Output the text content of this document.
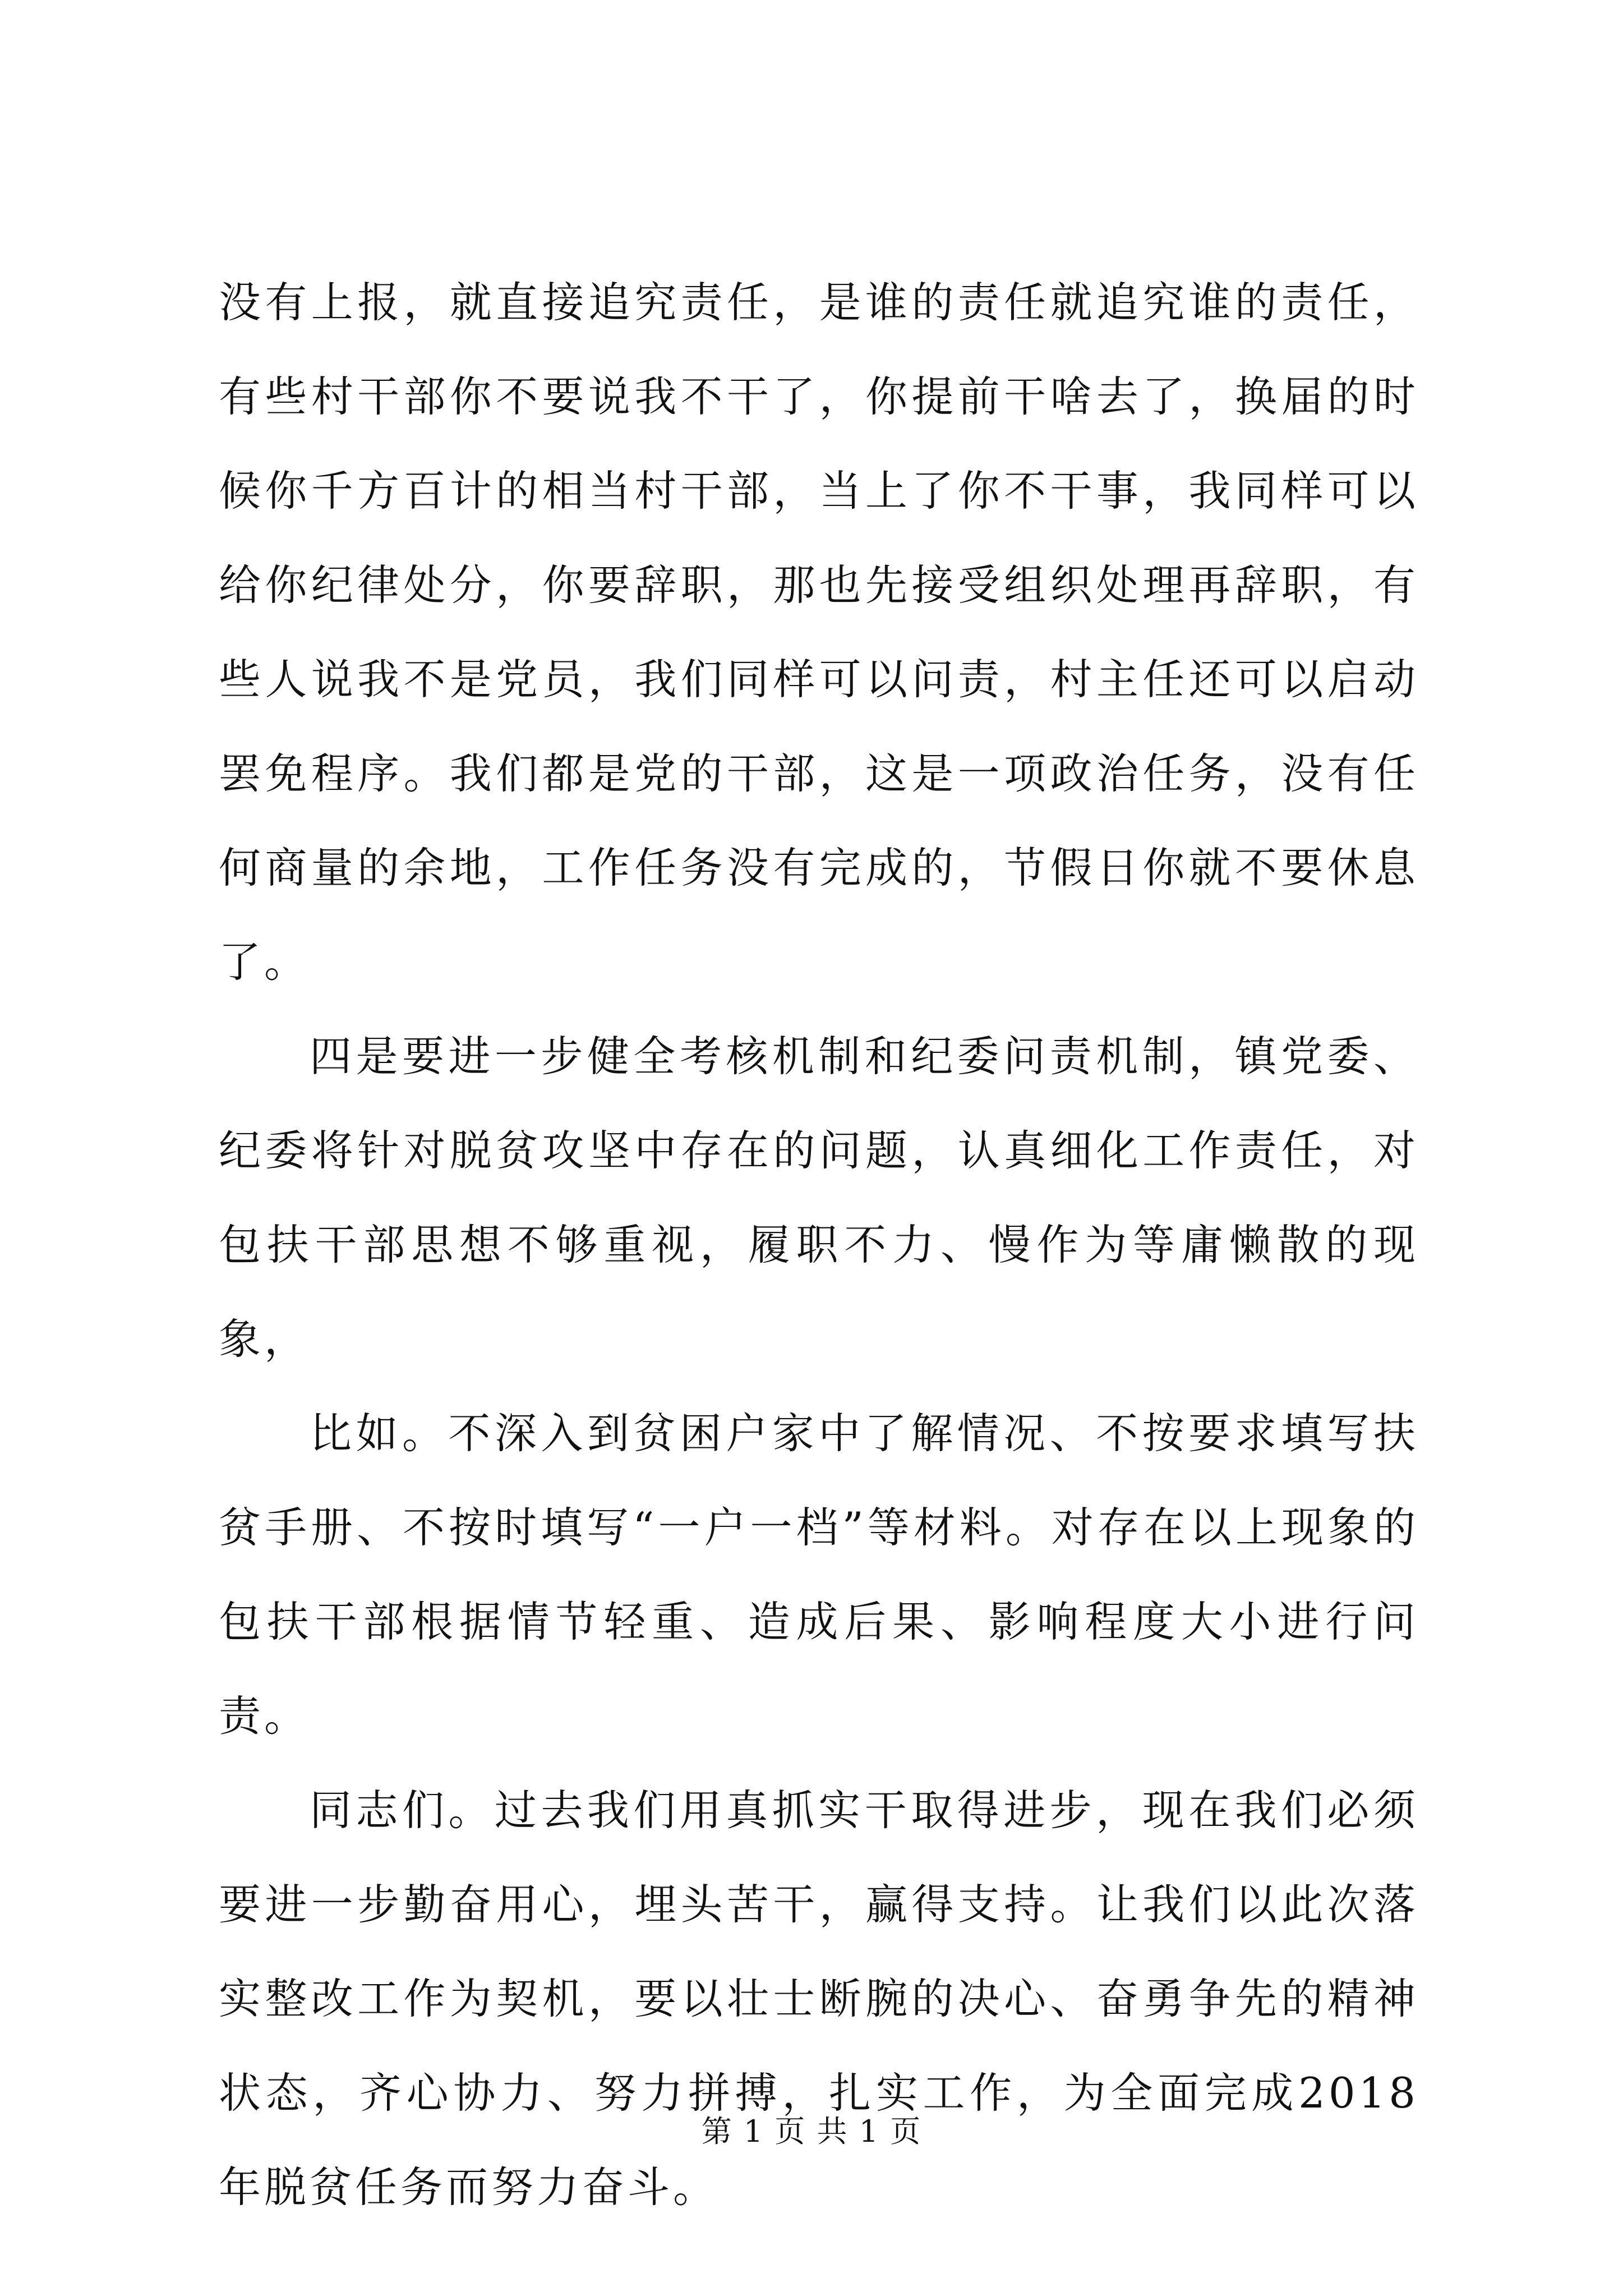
没有上报，就直接追究责任，是谁的责任就追究谁的责任，有些村干部你不要说我不干了，你提前干啥去了，换届的时候你千方百计的相当村干部，当上了你不干事，我同样可以给你纪律处分，你要辞职，那也先接受组织处理再辞职，有些人说我不是党员，我们同样可以问责，村主任还可以启动罢免程序。我们都是党的干部，这是一项政治任务，没有任何商量的余地，工作任务没有完成的，节假日你就不要休息了。

四是要进一步健全考核机制和纪委问责机制，镇党委、纪委将针对脱贫攻坚中存在的问题，认真细化工作责任，对包扶干部思想不够重视，履职不力、慢作为等庸懒散的现象，

比如。不深入到贫困户家中了解情况、不按要求填写扶贫手册、不按时填写“一户一档”等材料。对存在以上现象的包扶干部根据情节轻重、造成后果、影响程度大小进行问责。

同志们。过去我们用真抓实干取得进步，现在我们必须要进一步勤奋用心，埋头苦干，赢得支持。让我们以此次落实整改工作为契机，要以壮士断腕的决心、奋勇争先的精神状态，齐心协力、努力拼搏，扎实工作，为全面完成2018年脱贫任务而努力奋斗。

第 1 页 共 1 页
